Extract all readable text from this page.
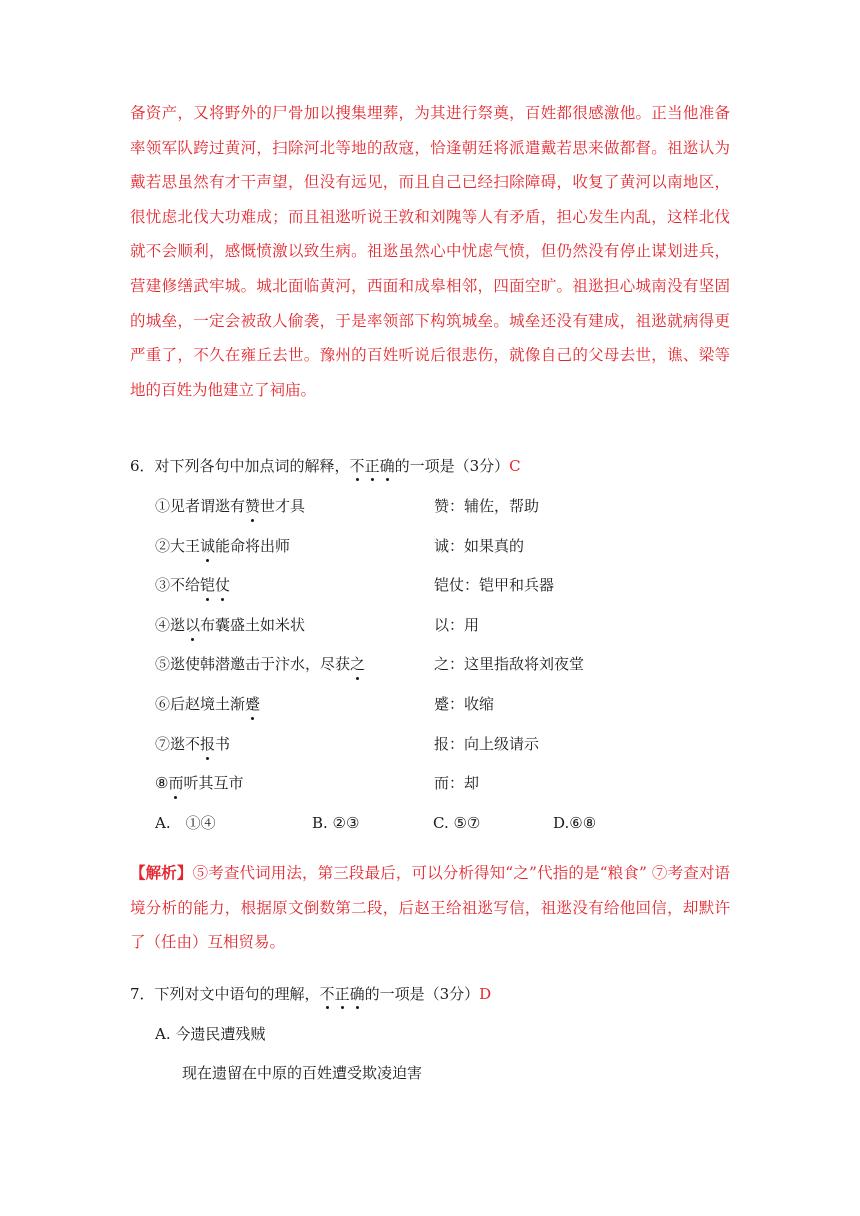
备资产，又将野外的尸骨加以搜集埋葬，为其进行祭奠，百姓都很感激他。正当他准备率领军队跨过黄河，扫除河北等地的敌寇，恰逢朝廷将派遣戴若思来做都督。祖逖认为戴若思虽然有才干声望，但没有远见，而且自己已经扫除障碍，收复了黄河以南地区，很忧虑北伐大功难成；而且祖逖听说王敦和刘隗等人有矛盾，担心发生内乱，这样北伐就不会顺利，感慨愤激以致生病。祖逖虽然心中忧虑气愤，但仍然没有停止谋划进兵，营建修缮武牢城。城北面临黄河，西面和成皋相邻，四面空旷。祖逖担心城南没有坚固的城垒，一定会被敌人偷袭，于是率领部下构筑城垒。城垒还没有建成，祖逖就病得更严重了，不久在雍丘去世。豫州的百姓听说后很悲伤，就像自己的父母去世，谯、梁等地的百姓为他建立了祠庙。

6．对下列各句中加点词的解释，不正确的一项是（3分）C

①见者谓逖有赞世才具	赞：辅佐，帮助
②大王诚能命将出师	诚：如果真的
③不给铠仗	铠仗：铠甲和兵器
④逖以布囊盛土如米状	以：用
⑤逖使韩潜邀击于汴水，尽获之	之：这里指敌将刘夜堂
⑥后赵境土渐蹙	蹙：收缩
⑦逖不报书	报：向上级请示
⑧而听其互市	而：却
A.　①④	B. ②③	C. ⑤⑦	D.⑥⑧

【解析】⑤考查代词用法，第三段最后，可以分析得知“之”代指的是“粮食” ⑦考查对语境分析的能力，根据原文倒数第二段，后赵王给祖逖写信，祖逖没有给他回信，却默许了（任由）互相贸易。

7．下列对文中语句的理解，不正确的一项是（3分）D

A. 今遗民遭残贼

现在遗留在中原的百姓遭受欺凌迫害
